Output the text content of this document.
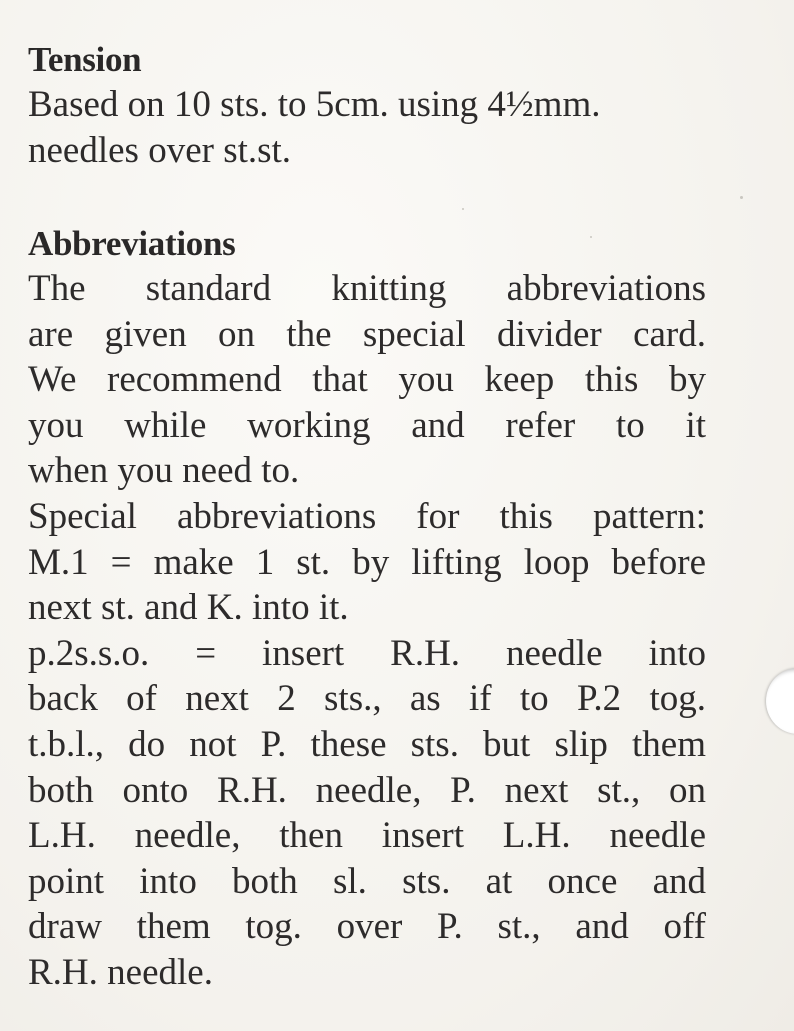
Tension
Based on 10 sts. to 5cm. using 4½mm.
needles over st.st.
Abbreviations
The standard knitting abbreviations
are given on the special divider card.
We recommend that you keep this by
you while working and refer to it
when you need to.
Special abbreviations for this pattern:
M.1 = make 1 st. by lifting loop before
next st. and K. into it.
p.2s.s.o. = insert R.H. needle into
back of next 2 sts., as if to P.2 tog.
t.b.l., do not P. these sts. but slip them
both onto R.H. needle, P. next st., on
L.H. needle, then insert L.H. needle
point into both sl. sts. at once and
draw them tog. over P. st., and off
R.H. needle.
